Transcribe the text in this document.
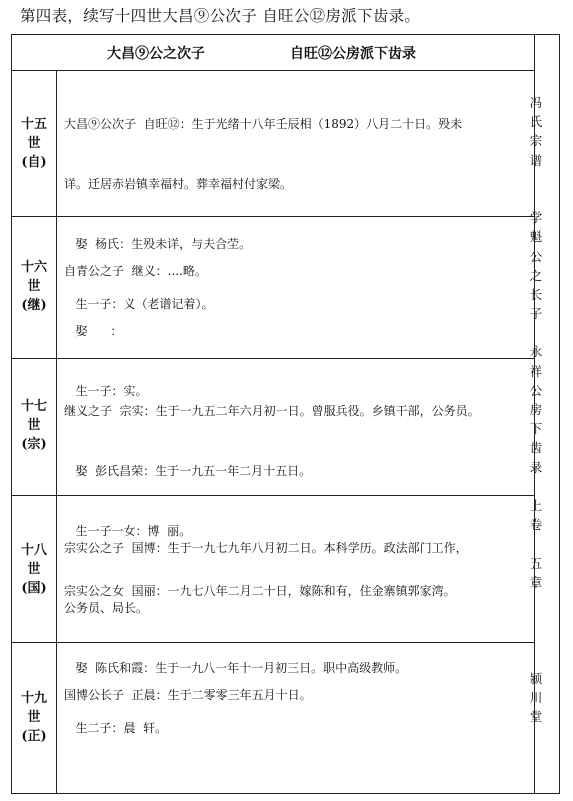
第四表，续写十四世大昌⑨公次子 自旺公⑫房派下齿录。
大昌⑨公之次子	自旺⑫公房派下齿录
十五
世
(自)

大昌⑨公次子  自旺⑫：生于光绪十八年壬辰相（1892）八月二十日。殁未

详。迁居赤岩镇幸福村。葬幸福村付家梁。

娶  杨氏：生殁未详，与夫合茔。

生一子：义（老谱记着）。

十六
世
(继)

自青公之子  继义：....略。

娶      ：

生一子：实。

十七
世
(宗)

继义之子  宗实：生于一九五二年六月初一日。曾服兵役。乡镇干部，公务员。

娶  彭氏昌荣：生于一九五一年二月十五日。

生一子一女：博  丽。

宗实公之女  国丽：一九七八年二月二十日，嫁陈和有，住金寨镇郭家湾。

十八
世
(国)

宗实公之子  国博：生于一九七九年八月初二日。本科学历。政法部门工作，

公务员、局长。

娶  陈氏和霞：生于一九八一年十一月初三日。职中高级教师。

生二子：晨  轩。

十九
世
(正)

国博公长子  正晨：生于二零零三年五月十日。

冯
氏
宗
谱
学
魁
公
之
长
子
永
祥
公
房
下
齿
录
上
卷
五
章
颍
川
堂
